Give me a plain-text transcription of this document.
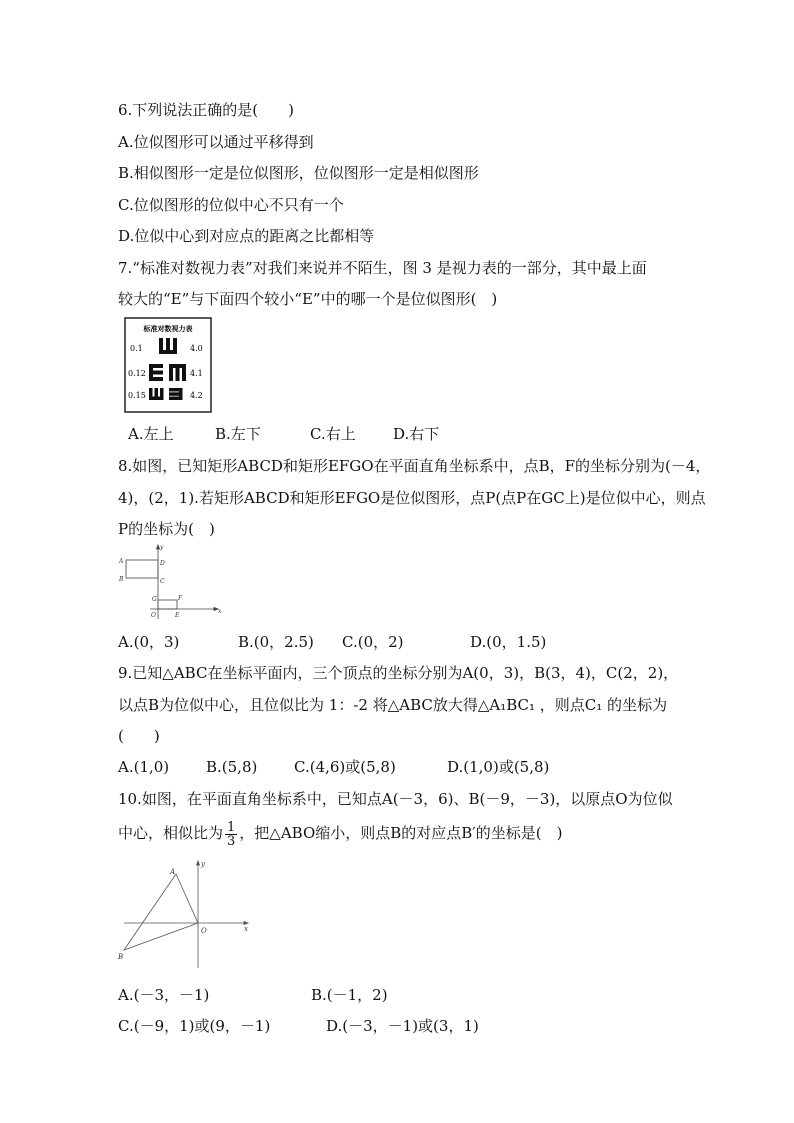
6.下列说法正确的是(　　)
A.位似图形可以通过平移得到
B.相似图形一定是位似图形，位似图形一定是相似图形
C.位似图形的位似中心不只有一个
D.位似中心到对应点的距离之比都相等
7.“标准对数视力表”对我们来说并不陌生，图 3 是视力表的一部分，其中最上面
较大的“E”与下面四个较小“E”中的哪一个是位似图形(　)
标准对数视力表
0.1
0.12
0.15
4.0
4.1
4.2
A.左上	B.左下	C.右上 D.右下
8.如图，已知矩形ABCD和矩形EFGO在平面直角坐标系中，点B，F的坐标分别为(－4，
4)，(2，1).若矩形ABCD和矩形EFGO是位似图形，点P(点P在GC上)是位似中心，则点
P的坐标为(　)
y
x
A
B
D
C
G	F
O	E
A.(0，3)	B.(0，2.5) C.(0，2)	D.(0，1.5)
9.已知△ABC在坐标平面内，三个顶点的坐标分别为A(0，3)，B(3，4)，C(2，2)，
以点B为位似中心，且位似比为 1：-2 将△ABC放大得△A₁BC₁ ，则点C₁ 的坐标为
(　　)
A.(1,0) B.(5,8) C.(4,6)或(5,8)	D.(1,0)或(5,8)
10.如图，在平面直角坐标系中，已知点A(－3，6)、B(－9，－3)，以原点O为位似
中心，相似比为 $\frac{1}{3}$ ，把△ABO缩小，则点B的对应点B′的坐标是(　)
y
x
A
B
O
A.(－3，－1)	B.(－1，2)
C.(－9，1)或(9，－1)	D.(－3，－1)或(3，1)
